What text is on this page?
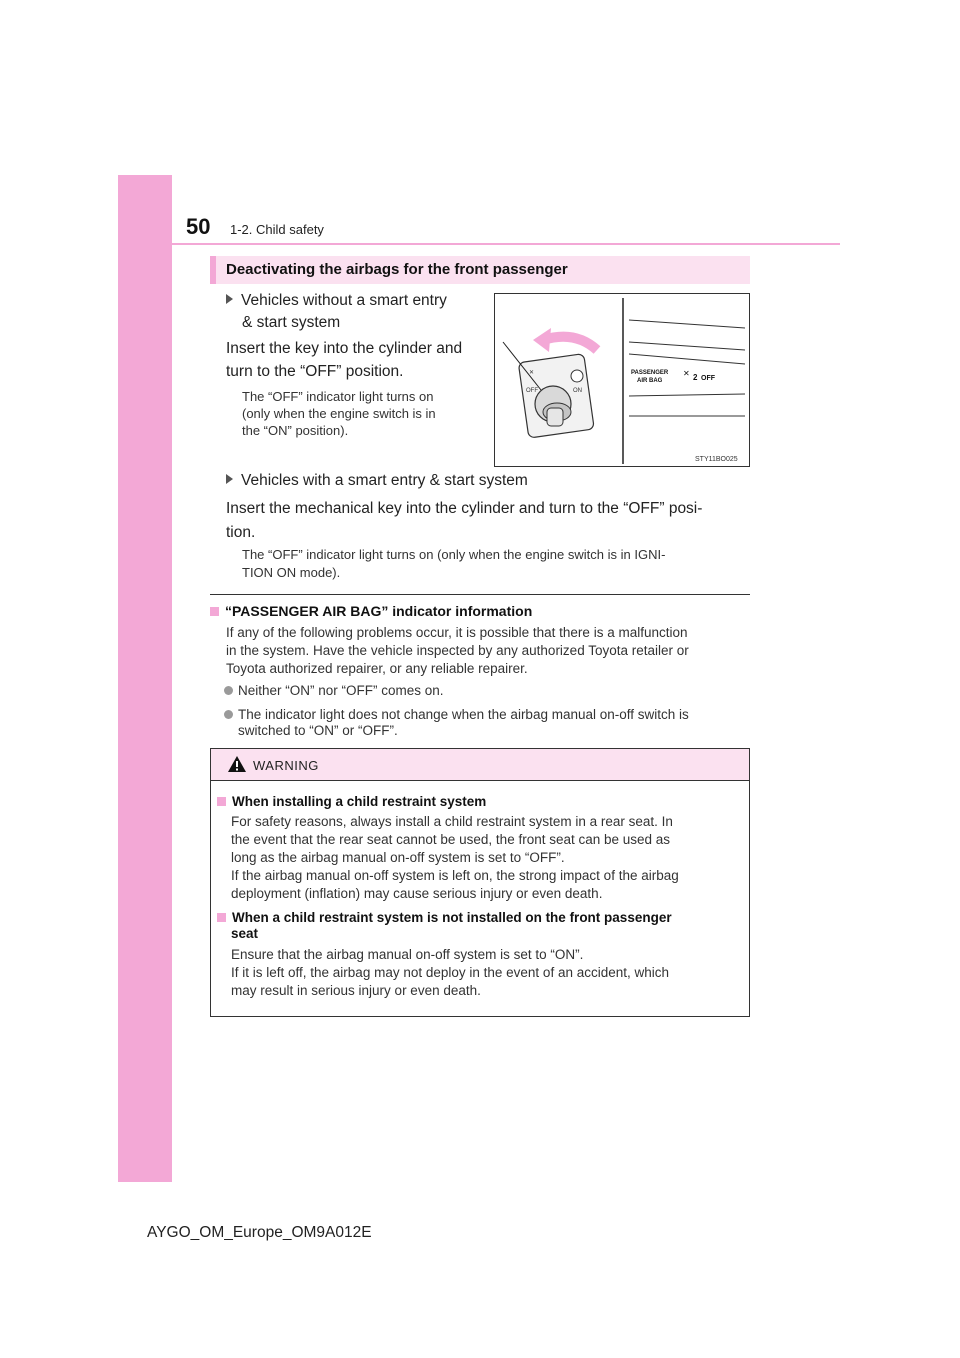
50 1-2. Child safety
Deactivating the airbags for the front passenger
Vehicles without a smart entry
& start system
Insert the key into the cylinder and
turn to the “OFF” position.
The “OFF” indicator light turns on
(only when the engine switch is in
the “ON” position).
✕
OFF	ON
PASSENGER
AIR BAG
✕ 2 OFF
STY11BO025
Vehicles with a smart entry & start system
Insert the mechanical key into the cylinder and turn to the “OFF” posi-
tion.
The “OFF” indicator light turns on (only when the engine switch is in IGNI-
TION ON mode).
“PASSENGER AIR BAG” indicator information
If any of the following problems occur, it is possible that there is a malfunction
in the system. Have the vehicle inspected by any authorized Toyota retailer or
Toyota authorized repairer, or any reliable repairer.
Neither “ON” nor “OFF” comes on.
The indicator light does not change when the airbag manual on-off switch is
switched to “ON” or “OFF”.
WARNING
When installing a child restraint system
For safety reasons, always install a child restraint system in a rear seat. In
the event that the rear seat cannot be used, the front seat can be used as
long as the airbag manual on-off system is set to “OFF”.
If the airbag manual on-off system is left on, the strong impact of the airbag
deployment (inflation) may cause serious injury or even death.
When a child restraint system is not installed on the front passenger
seat
Ensure that the airbag manual on-off system is set to “ON”.
If it is left off, the airbag may not deploy in the event of an accident, which
may result in serious injury or even death.
AYGO_OM_Europe_OM9A012E
